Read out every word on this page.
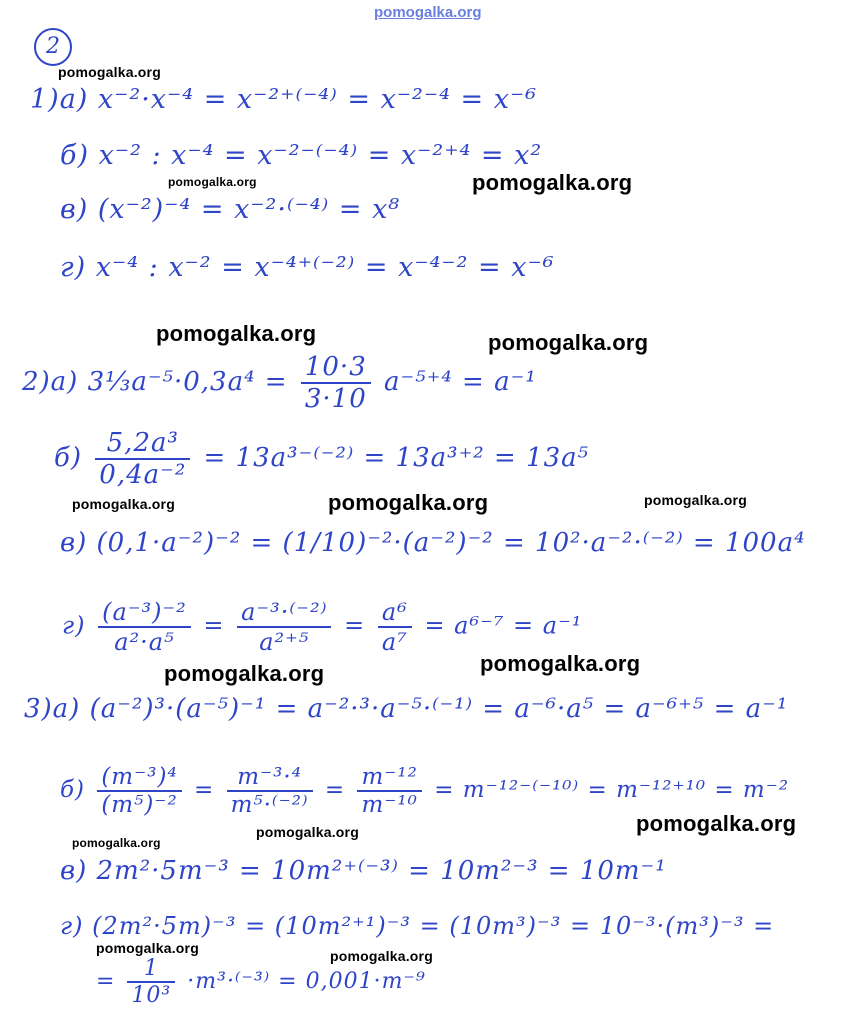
pomogalka.org
2
1)а) x⁻²·x⁻⁴ = x⁻²⁺⁽⁻⁴⁾ = x⁻²⁻⁴ = x⁻⁶
б) x⁻² : x⁻⁴ = x⁻²⁻⁽⁻⁴⁾ = x⁻²⁺⁴ = x²
в) (x⁻²)⁻⁴ = x⁻²·⁽⁻⁴⁾ = x⁸
г) x⁻⁴ : x⁻² = x⁻⁴⁺⁽⁻²⁾ = x⁻⁴⁻² = x⁻⁶
2)а) 3⅓a⁻⁵·0,3a⁴ = $\frac{10\cdot 3}{3\cdot 10} a^{-5+4} = a^{-1}$
$б) \frac{\text{5,2a³}}{\text{0,4a⁻²}} = 13a^{3-(-2)} = 13a^{3+2} = 13a^5$
в) (0,1·a⁻²)⁻² = (1/10)⁻²·(a⁻²)⁻² = 10²·a⁻²·⁽⁻²⁾ = 100a⁴
$г) \frac{\text{(a⁻³)⁻²}}{\text{a²·a⁵}} = \frac{\text{a⁻³·⁽⁻²⁾}}{\text{a²⁺⁵}} = \frac{\text{a⁶}}{\text{a⁷}} = a^{6-7} = a^{-1}$
3)а) (a⁻²)³·(a⁻⁵)⁻¹ = a⁻²·³·a⁻⁵·⁽⁻¹⁾ = a⁻⁶·a⁵ = a⁻⁶⁺⁵ = a⁻¹
$б) \frac{\text{(m⁻³)⁴}}{\text{(m⁵)⁻²}} = \frac{\text{m⁻³·⁴}}{\text{m⁵·⁽⁻²⁾}} = \frac{\text{m⁻¹²}}{\text{m⁻¹⁰}} = m^{-12-(-10)} = m^{-12+10} = m^{-2}$
в) 2m²·5m⁻³ = 10m²⁺⁽⁻³⁾ = 10m²⁻³ = 10m⁻¹
г) (2m²·5m)⁻³ = (10m²⁺¹)⁻³ = (10m³)⁻³ = 10⁻³·(m³)⁻³ =
= $\frac{1}{\text{10³}} \cdot m^3\cdot^{(-3)} = 0,001\cdot m^{-9}$
pomogalka.org
pomogalka.org	pomogalka.org
pomogalka.org	pomogalka.org
pomogalka.org	pomogalka.org	pomogalka.org
pomogalka.org
pomogalka.org
pomogalka.org
pomogalka.org
pomogalka.org
pomogalka.org	pomogalka.org
